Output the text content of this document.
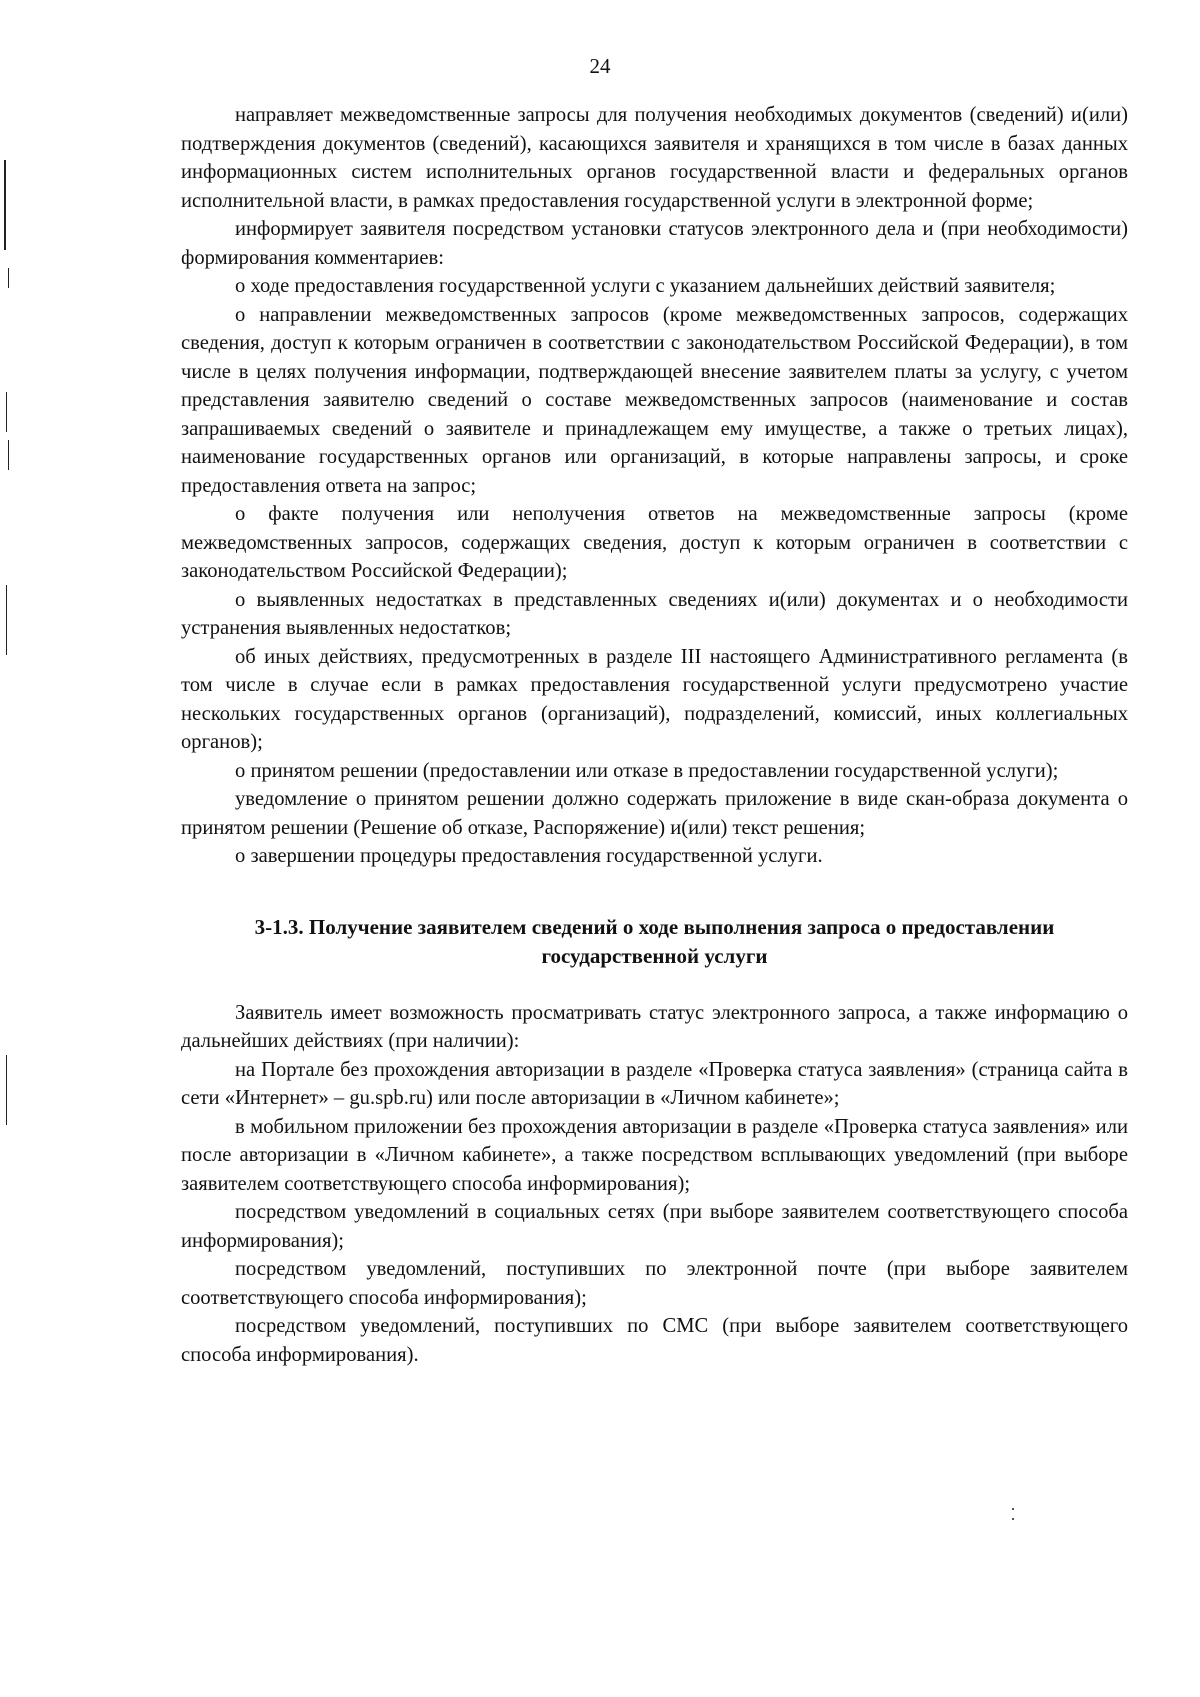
24

направляет межведомственные запросы для получения необходимых документов (сведений) и(или) подтверждения документов (сведений), касающихся заявителя и хранящихся в том числе в базах данных информационных систем исполнительных органов государственной власти и федеральных органов исполнительной власти, в рамках предоставления государственной услуги в электронной форме;

информирует заявителя посредством установки статусов электронного дела и (при необходимости) формирования комментариев:

о ходе предоставления государственной услуги с указанием дальнейших действий заявителя;

о направлении межведомственных запросов (кроме межведомственных запросов, содержащих сведения, доступ к которым ограничен в соответствии с законодательством Российской Федерации), в том числе в целях получения информации, подтверждающей внесение заявителем платы за услугу, с учетом представления заявителю сведений о составе межведомственных запросов (наименование и состав запрашиваемых сведений о заявителе и принадлежащем ему имуществе, а также о третьих лицах), наименование государственных органов или организаций, в которые направлены запросы, и сроке предоставления ответа на запрос;

о факте получения или неполучения ответов на межведомственные запросы (кроме межведомственных запросов, содержащих сведения, доступ к которым ограничен в соответствии с законодательством Российской Федерации);

о выявленных недостатках в представленных сведениях и(или) документах и о необходимости устранения выявленных недостатков;

об иных действиях, предусмотренных в разделе III настоящего Административного регламента (в том числе в случае если в рамках предоставления государственной услуги предусмотрено участие нескольких государственных органов (организаций), подразделений, комиссий, иных коллегиальных органов);

о принятом решении (предоставлении или отказе в предоставлении государственной услуги);

уведомление о принятом решении должно содержать приложение в виде скан-образа документа о принятом решении (Решение об отказе, Распоряжение) и(или) текст решения;

о завершении процедуры предоставления государственной услуги.

3-1.3. Получение заявителем сведений о ходе выполнения запроса о предоставлении государственной услуги

Заявитель имеет возможность просматривать статус электронного запроса, а также информацию о дальнейших действиях (при наличии):

на Портале без прохождения авторизации в разделе «Проверка статуса заявления» (страница сайта в сети «Интернет» – gu.spb.ru) или после авторизации в «Личном кабинете»;

в мобильном приложении без прохождения авторизации в разделе «Проверка статуса заявления» или после авторизации в «Личном кабинете», а также посредством всплывающих уведомлений (при выборе заявителем соответствующего способа информирования);

посредством уведомлений в социальных сетях (при выборе заявителем соответствующего способа информирования);

посредством уведомлений, поступивших по электронной почте (при выборе заявителем соответствующего способа информирования);

посредством уведомлений, поступивших по СМС (при выборе заявителем соответствующего способа информирования).
